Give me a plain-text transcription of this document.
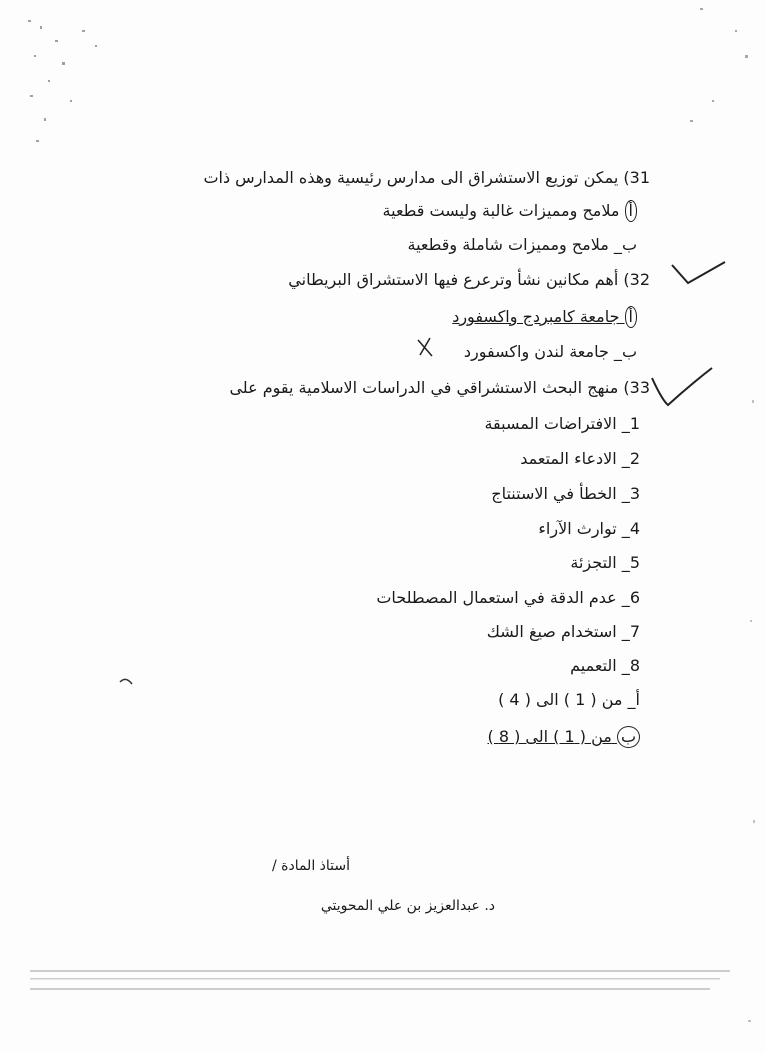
31) يمكن توزيع الاستشراق الى مدارس رئيسية وهذه المدارس ذات
أ ملامح ومميزات غالبة وليست قطعية
ب_ ملامح ومميزات شاملة وقطعية
32) أهم مكانين نشأ وترعرع فيها الاستشراق البريطاني
أ جامعة كامبردج واكسفورد
ب_ جامعة لندن واكسفورد
33) منهج البحث الاستشراقي في الدراسات الاسلامية يقوم على
1_ الافتراضات المسبقة
2_ الادعاء المتعمد
3_ الخطأ في الاستنتاج
4_ توارث الآراء
5_ التجزئة
6_ عدم الدقة في استعمال المصطلحات
7_ استخدام صيغ الشك
8_ التعميم
أ_ من ( 1 ) الى ( 4 )
ب من ( 1 ) الى ( 8 )
أستاذ المادة /
د. عبدالعزيز بن علي المحويتي
